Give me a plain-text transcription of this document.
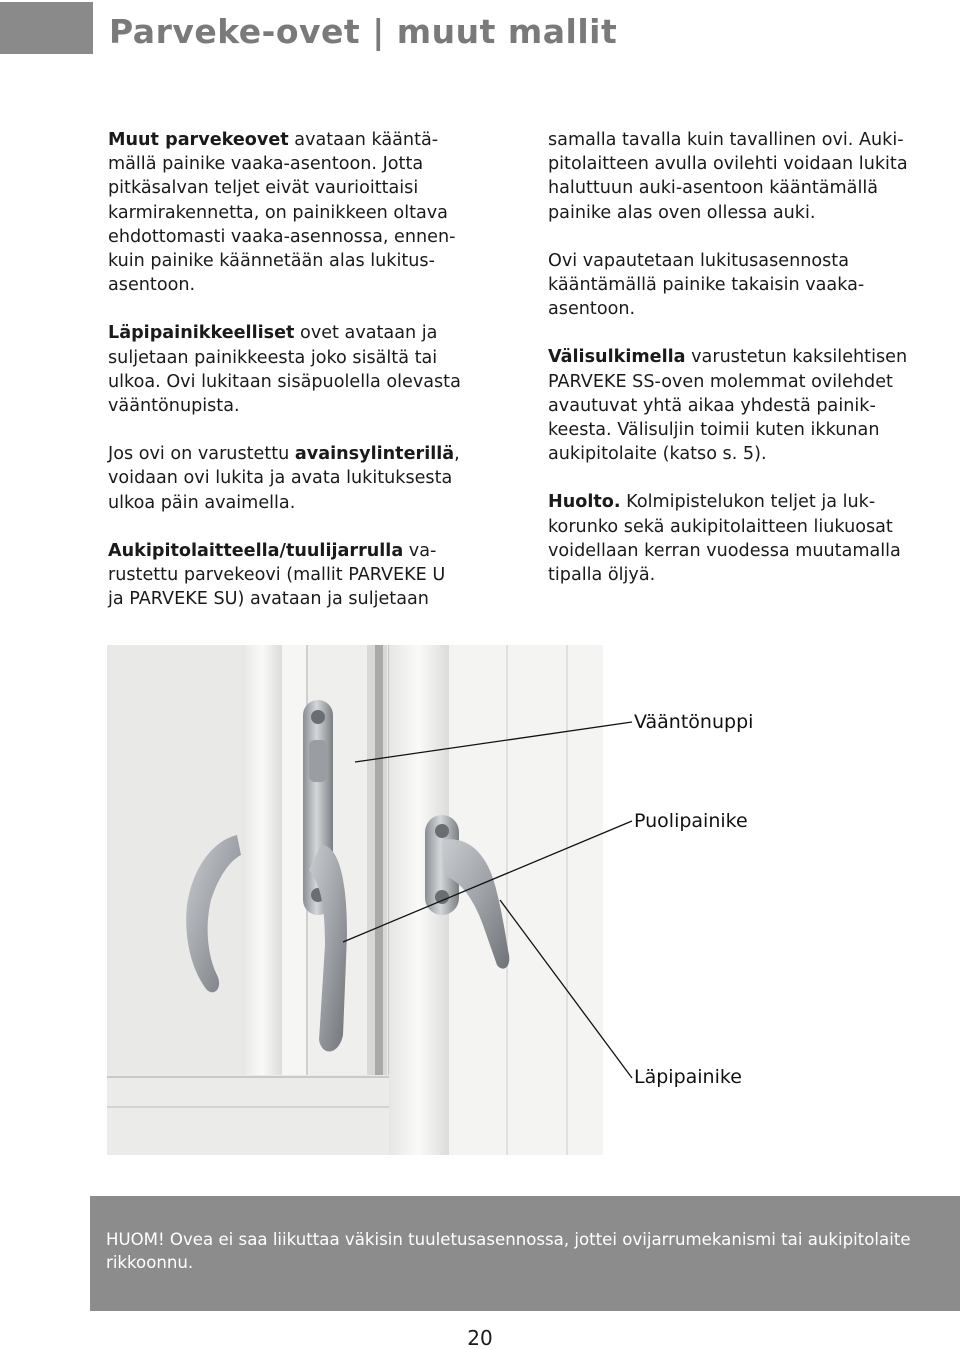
Parveke-ovet | muut mallit

Muut parvekeovet avataan kääntä-
mällä painike vaaka-asentoon. Jotta
pitkäsalvan teljet eivät vaurioittaisi
karmirakennetta, on painikkeen oltava
ehdottomasti vaaka-asennossa, ennen-
kuin painike käännetään alas lukitus-
asentoon.

Läpipainikkeelliset ovet avataan ja
suljetaan painikkeesta joko sisältä tai
ulkoa. Ovi lukitaan sisäpuolella olevasta
vääntönupista.

Jos ovi on varustettu avainsylinterillä,
voidaan ovi lukita ja avata lukituksesta
ulkoa päin avaimella.

Aukipitolaitteella/tuulijarrulla va-
rustettu parvekeovi (mallit PARVEKE U
ja PARVEKE SU) avataan ja suljetaan

samalla tavalla kuin tavallinen ovi. Auki-
pitolaitteen avulla ovilehti voidaan lukita
haluttuun auki-asentoon kääntämällä
painike alas oven ollessa auki.

Ovi vapautetaan lukitusasennosta
kääntämällä painike takaisin vaaka-
asentoon.

Välisulkimella varustetun kaksilehtisen
PARVEKE SS-oven molemmat ovilehdet
avautuvat yhtä aikaa yhdestä painik-
keesta. Välisuljin toimii kuten ikkunan
aukipitolaite (katso s. 5).

Huolto. Kolmipistelukon teljet ja luk-
korunko sekä aukipitolaitteen liukuosat
voidellaan kerran vuodessa muutamalla
tipalla öljyä.

Vääntönuppi
Puolipainike
Läpipainike
HUOM! Ovea ei saa liikuttaa väkisin tuuletusasennossa, jottei ovijarrumekanismi tai aukipitolaite rikkoonnu.
20
